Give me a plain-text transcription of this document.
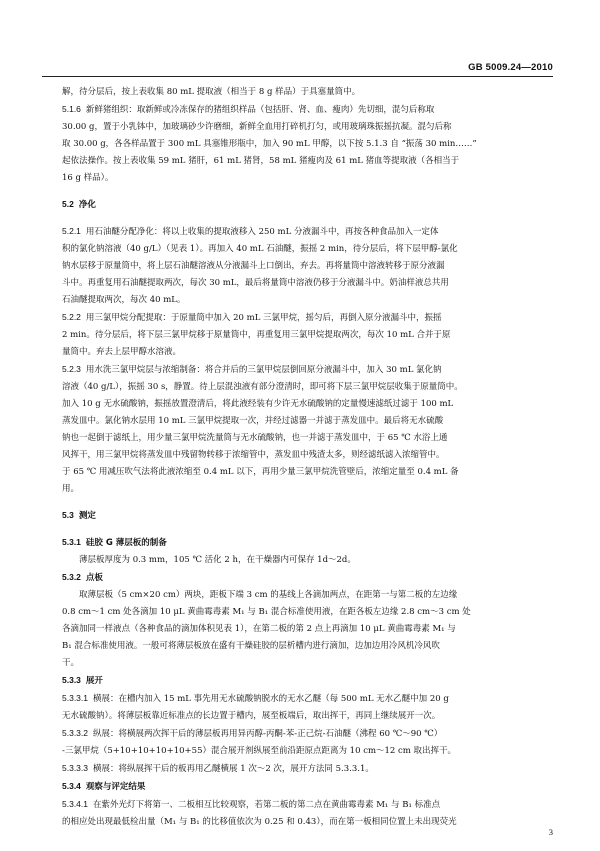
GB 5009.24—2010

解，待分层后，按上表收集 80 mL 提取液（相当于 8 g 样品）于具塞量筒中。

5.1.6 新鲜猪组织：取新鲜或冷冻保存的猪组织样品（包括肝、肾、血、瘦肉）先切细，混匀后称取

30.00 g，置于小乳钵中，加玻璃砂少许磨细，新鲜全血用打碎机打匀，或用玻璃珠振摇抗凝。混匀后称

取 30.00 g，各各样品置于 300 mL 具塞锥形瓶中，加入 90 mL 甲醇，以下按 5.1.3 自 “振荡 30 min……”

起依法操作。按上表收集 59 mL 猪肝，61 mL 猪肾，58 mL 猪瘦肉及 61 mL 猪血等提取液（各相当于

16 g 样品）。

5.2 净化

5.2.1 用石油醚分配净化：将以上收集的提取液移入 250 mL 分液漏斗中，再按各种食品加入一定体

积的氯化钠溶液（40 g/L）（见表 1）。再加入 40 mL 石油醚，振摇 2 min，待分层后，将下层甲醇-氯化

钠水层移于原量筒中，将上层石油醚溶液从分液漏斗上口倒出，弃去。再将量筒中溶液转移于原分液漏

斗中。再重复用石油醚提取两次，每次 30 mL，最后将量筒中溶液仍移于分液漏斗中。奶油样液总共用

石油醚提取两次，每次 40 mL。

5.2.2 用三氯甲烷分配提取：于原量筒中加入 20 mL 三氯甲烷，摇匀后，再倒入原分液漏斗中，振摇

2 min。待分层后，将下层三氯甲烷移于原量筒中，再重复用三氯甲烷提取两次，每次 10 mL 合并于原

量筒中。弃去上层甲醇水溶液。

5.2.3 用水洗三氯甲烷层与浓缩制备：将合并后的三氯甲烷层倒回原分液漏斗中，加入 30 mL 氯化钠

溶液（40 g/L），振摇 30 s，静置。待上层混浊液有部分澄清时，即可将下层三氯甲烷层收集于原量筒中。

加入 10 g 无水硫酸钠，振摇放置澄清后，将此液经装有少许无水硫酸钠的定量慢速滤纸过滤于 100 mL

蒸发皿中。氯化钠水层用 10 mL 三氯甲烷提取一次，并经过滤器一并滤于蒸发皿中。最后将无水硫酸

钠也一起倒于滤纸上，用少量三氯甲烷洗量筒与无水硫酸钠，也一并滤于蒸发皿中，于 65 ℃ 水浴上通

风挥干，用三氯甲烷将蒸发皿中残留物转移于浓缩管中，蒸发皿中残渣太多，则经滤纸滤入浓缩管中。

于 65 ℃ 用减压吹气法将此液浓缩至 0.4 mL 以下，再用少量三氯甲烷洗管壁后，浓缩定量至 0.4 mL 备

用。

5.3 测定

5.3.1 硅胶 G 薄层板的制备

薄层板厚度为 0.3 mm，105 ℃ 活化 2 h，在干燥器内可保存 1d～2d。

5.3.2 点板

取薄层板（5 cm×20 cm）两块，距板下端 3 cm 的基线上各滴加两点，在距第一与第二板的左边缘

0.8 cm～1 cm 处各滴加 10 μL 黄曲霉毒素 M₁ 与 B₁ 混合标准使用液，在距各板左边缘 2.8 cm～3 cm 处

各滴加同一样液点（各种食品的滴加体积见表 1），在第二板的第 2 点上再滴加 10 μL 黄曲霉毒素 M₁ 与

B₁ 混合标准使用液。一般可将薄层板放在盛有干燥硅胶的层析槽内进行滴加，边加边用冷风机冷风吹

干。

5.3.3 展开

5.3.3.1 横展：在槽内加入 15 mL 事先用无水硫酸钠脱水的无水乙醚（每 500 mL 无水乙醚中加 20 g

无水硫酸钠）。将薄层板靠近标准点的长边置于槽内，展至板端后，取出挥干，再同上继续展开一次。

5.3.3.2 纵展：将横展两次挥干后的薄层板再用异丙醇-丙酮-苯-正己烷-石油醚（沸程 60 ℃～90 ℃）

-三氯甲烷（5+10+10+10+10+55）混合展开剂纵展至前沿距原点距离为 10 cm～12 cm 取出挥干。

5.3.3.3 横展：将纵展挥干后的板再用乙醚横展 1 次～2 次，展开方法同 5.3.3.1。

5.3.4 观察与评定结果

5.3.4.1 在紫外光灯下将第一、二板相互比较观察，若第二板的第二点在黄曲霉毒素 M₁ 与 B₁ 标准点

的相应处出现最低检出量（M₁ 与 B₁ 的比移值依次为 0.25 和 0.43），而在第一板相同位置上未出现荧光

3
